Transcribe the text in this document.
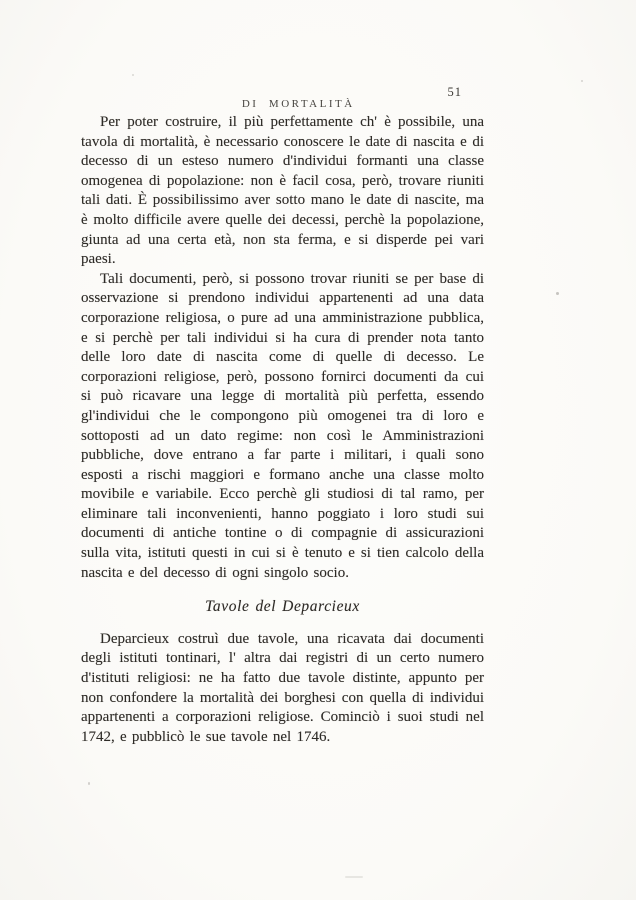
DI  MORTALITÀ

51

Per poter costruire, il più perfettamente ch' è possibile, una tavola di mortalità, è necessario conoscere le date di nascita e di decesso di un esteso numero d'individui formanti una classe omogenea di popolazione: non è facil cosa, però, trovare riuniti tali dati. È possibilissimo aver sotto mano le date di nascite, ma è molto difficile avere quelle dei decessi, perchè la popolazione, giunta ad una certa età, non sta ferma, e si disperde pei vari paesi.

Tali documenti, però, si possono trovar riuniti se per base di osservazione si prendono individui appartenenti ad una data corporazione religiosa, o pure ad una amministrazione pubblica, e si perchè per tali individui si ha cura di prender nota tanto delle loro date di nascita come di quelle di decesso. Le corporazioni religiose, però, possono fornirci documenti da cui si può ricavare una legge di mortalità più perfetta, essendo gl'individui che le compongono più omogenei tra di loro e sottoposti ad un dato regime: non così le Amministrazioni pubbliche, dove entrano a far parte i militari, i quali sono esposti a rischi maggiori e formano anche una classe molto movibile e variabile. Ecco perchè gli studiosi di tal ramo, per eliminare tali inconvenienti, hanno poggiato i loro studi sui documenti di antiche tontine o di compagnie di assicurazioni sulla vita, istituti questi in cui si è tenuto e si tien calcolo della nascita e del decesso di ogni singolo socio.

Tavole del Deparcieux

Deparcieux costruì due tavole, una ricavata dai documenti degli istituti tontinari, l' altra dai registri di un certo numero d'istituti religiosi: ne ha fatto due tavole distinte, appunto per non confondere la mortalità dei borghesi con quella di individui appartenenti a corporazioni religiose. Cominciò i suoi studi nel 1742, e pubblicò le sue tavole nel 1746.
